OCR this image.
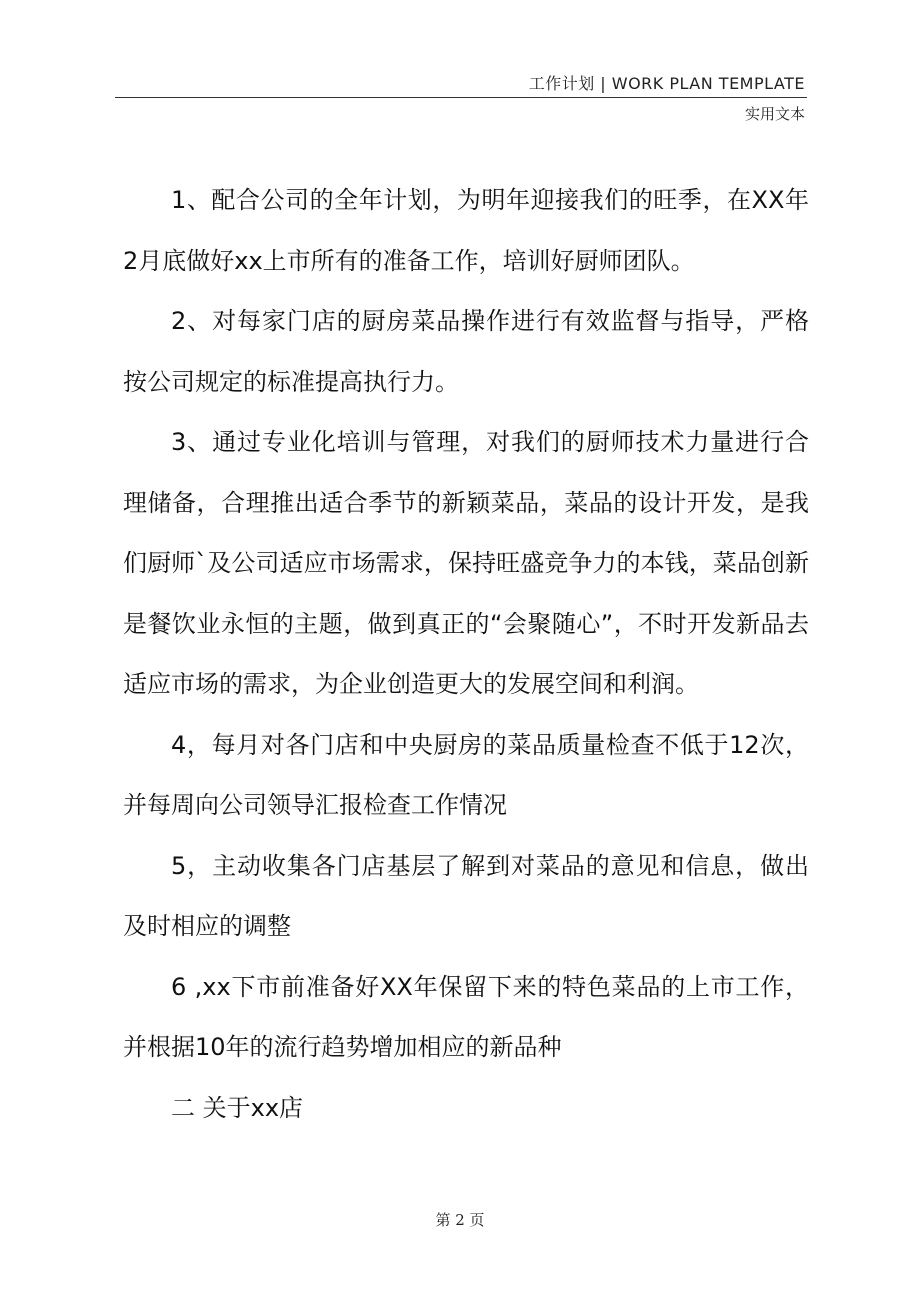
工作计划 | WORK PLAN TEMPLATE
实用文本

1、配合公司的全年计划，为明年迎接我们的旺季，在XX年2月底做好xx上市所有的准备工作，培训好厨师团队。

2、对每家门店的厨房菜品操作进行有效监督与指导，严格按公司规定的标准提高执行力。

3、通过专业化培训与管理，对我们的厨师技术力量进行合理储备，合理推出适合季节的新颖菜品，菜品的设计开发，是我们厨师`及公司适应市场需求，保持旺盛竞争力的本钱，菜品创新是餐饮业永恒的主题，做到真正的“会聚随心”，不时开发新品去适应市场的需求，为企业创造更大的发展空间和利润。

4，每月对各门店和中央厨房的菜品质量检查不低于12次，并每周向公司领导汇报检查工作情况

5，主动收集各门店基层了解到对菜品的意见和信息，做出及时相应的调整

6 ,xx下市前准备好XX年保留下来的特色菜品的上市工作，并根据10年的流行趋势增加相应的新品种

二 关于xx店

第 2 页
